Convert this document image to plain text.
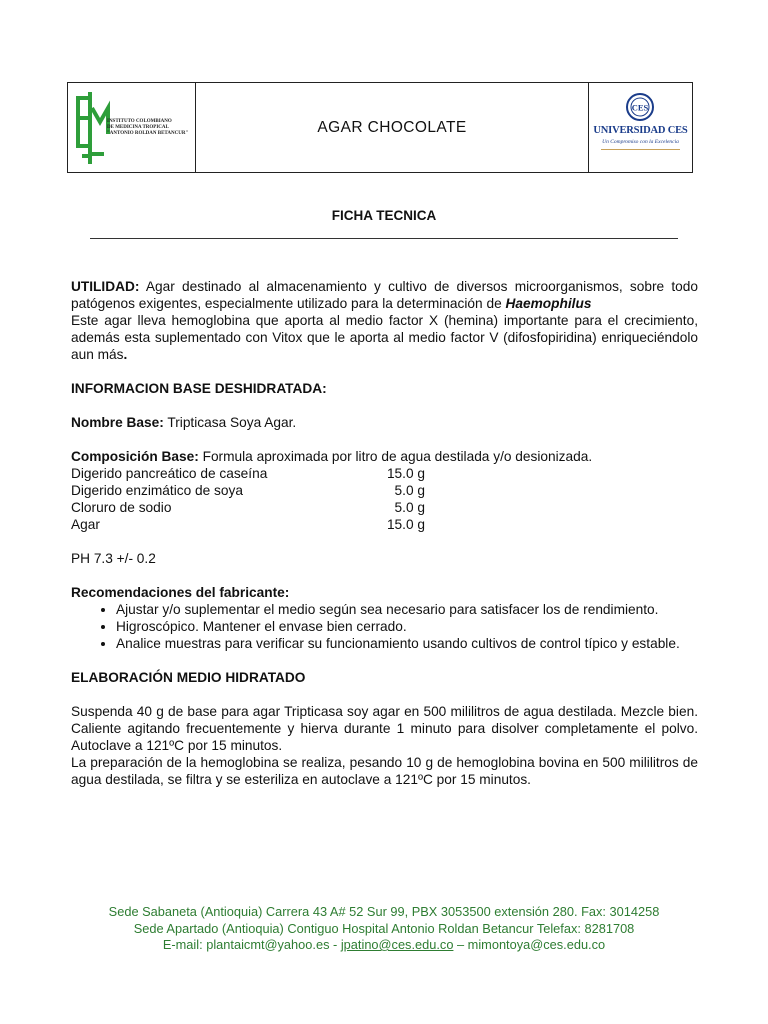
INSTITUTO COLOMBIANO
DE MEDICINA TROPICAL
"ANTONIO ROLDAN BETANCUR"	AGAR CHOCOLATE
CES
UNIVERSIDAD CES
Un Compromiso con la Excelencia
FICHA TECNICA

UTILIDAD: Agar destinado al almacenamiento y cultivo de diversos microorganismos, sobre todo patógenos exigentes, especialmente utilizado para la determinación de Haemophilus

Este agar lleva hemoglobina que aporta al medio factor X (hemina) importante para el crecimiento, además esta suplementado con Vitox que le aporta al medio factor V (difosfopiridina) enriqueciéndolo aun más.

INFORMACION BASE DESHIDRATADA:

Nombre Base: Tripticasa Soya Agar.

Composición Base: Formula aproximada por litro de agua destilada y/o desionizada.

Digerido pancreático de caseína	15.0 g
Digerido enzimático de soya	5.0 g
Cloruro de sodio	5.0 g
Agar	15.0 g

PH 7.3 +/- 0.2

Recomendaciones del fabricante:

• Ajustar y/o suplementar el medio según sea necesario para satisfacer los de rendimiento.
• Higroscópico. Mantener el envase bien cerrado.
• Analice muestras para verificar su funcionamiento usando cultivos de control típico y estable.

ELABORACIÓN MEDIO HIDRATADO

Suspenda 40 g de base para agar Tripticasa soy agar en 500 mililitros de agua destilada. Mezcle bien. Caliente agitando frecuentemente y hierva durante 1 minuto para disolver completamente el polvo. Autoclave a 121ºC por 15 minutos.

La preparación de la hemoglobina se realiza, pesando 10 g de hemoglobina bovina en 500 mililitros de agua destilada, se filtra y se esteriliza en autoclave a 121ºC por 15 minutos.

Sede Sabaneta (Antioquia) Carrera 43 A# 52 Sur 99, PBX 3053500 extensión 280. Fax: 3014258
Sede Apartado (Antioquia) Contiguo Hospital Antonio Roldan Betancur Telefax: 8281708
E-mail: plantaicmt@yahoo.es - jpatino@ces.edu.co – mimontoya@ces.edu.co
